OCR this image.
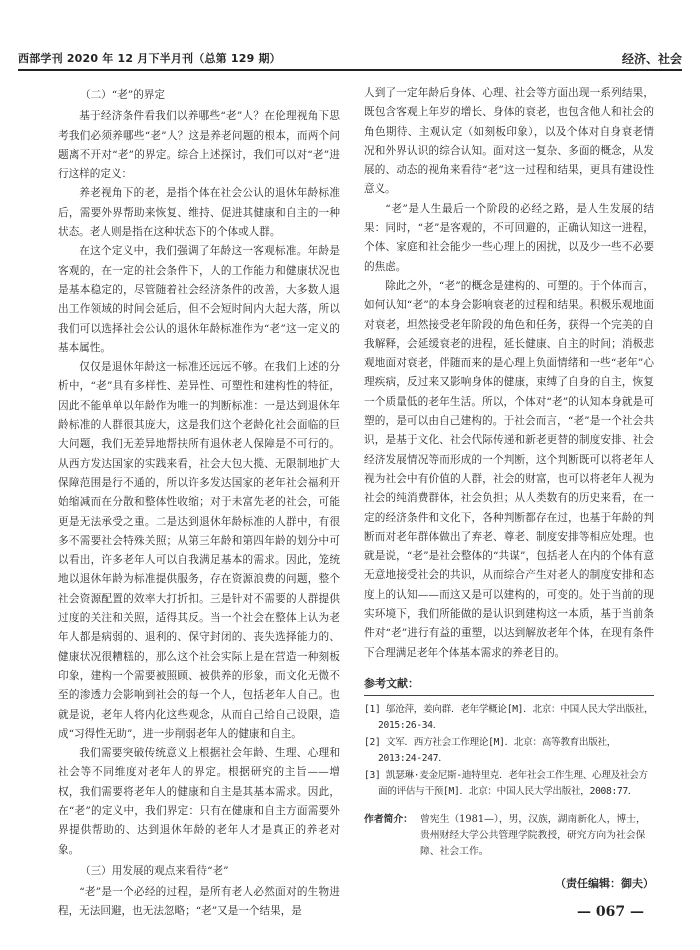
西部学刊 2020 年 12 月下半月刊（总第 129 期）	经济、社会
（二）“老”的界定

基于经济条件看我们以养哪些“老”人？在伦理视角下思考我们必须养哪些“老”人？这是养老问题的根本，而两个问题离不开对“老”的界定。综合上述探讨，我们可以对“老”进行这样的定义：

养老视角下的老，是指个体在社会公认的退休年龄标准后，需要外界帮助来恢复、维持、促进其健康和自主的一种状态。老人则是指在这种状态下的个体或人群。

在这个定义中，我们强调了年龄这一客观标准。年龄是客观的，在一定的社会条件下，人的工作能力和健康状况也是基本稳定的，尽管随着社会经济条件的改善，大多数人退出工作领域的时间会延后，但不会短时间内大起大落，所以我们可以选择社会公认的退休年龄标准作为“老”这一定义的基本属性。

仅仅是退休年龄这一标准还远远不够。在我们上述的分析中，“老”具有多样性、差异性、可塑性和建构性的特征，因此不能单单以年龄作为唯一的判断标准：一是达到退休年龄标准的人群很其庞大，这是我们这个老龄化社会面临的巨大问题，我们无差异地帮扶所有退休老人保障是不可行的。从西方发达国家的实践来看，社会大包大揽、无限制地扩大保障范围是行不通的，所以许多发达国家的老年社会福利开始缩减而在分散和整体性收缩；对于未富先老的社会，可能更是无法承受之重。二是达到退休年龄标准的人群中，有很多不需要社会特殊关照；从第三年龄和第四年龄的划分中可以看出，许多老年人可以自我满足基本的需求。因此，笼统地以退休年龄为标准提供服务，存在资源浪费的问题，整个社会资源配置的效率大打折扣。三是针对不需要的人群提供过度的关注和关照，适得其反。当一个社会在整体上认为老年人都是病弱的、退利的、保守封闭的、丧失选择能力的、健康状况很糟糕的，那么这个社会实际上是在营造一种刻板印象，建构一个需要被照顾、被供养的形象，而文化无微不至的渗透力会影响到社会的每一个人，包括老年人自己。也就是说，老年人将内化这些观念，从而自己给自己设限，造成“习得性无助”，进一步削弱老年人的健康和自主。

我们需要突破传统意义上根据社会年龄、生理、心理和社会等不同维度对老年人的界定。根据研究的主旨——增权，我们需要将老年人的健康和自主是其基本需求。因此，在“老”的定义中，我们界定：只有在健康和自主方面需要外界提供帮助的、达到退休年龄的老年人才是真正的养老对象。

（三）用发展的观点来看待“老”

“老”是一个必经的过程，是所有老人必然面对的生物进程，无法回避，也无法忽略；“老”又是一个结果，是

人到了一定年龄后身体、心理、社会等方面出现一系列结果，既包含客观上年岁的增长、身体的衰老，也包含他人和社会的角色期待、主观认定（如刻板印象），以及个体对自身衰老情况和外界认识的综合认知。面对这一复杂、多面的概念，从发展的、动态的视角来看待“老”这一过程和结果，更具有建设性意义。

“老”是人生最后一个阶段的必经之路，是人生发展的结果：同时，“老”是客观的，不可回避的，正确认知这一进程，个体、家庭和社会能少一些心理上的困扰，以及少一些不必要的焦虑。

除此之外，“老”的概念是建构的、可塑的。于个体而言，如何认知“老”的本身会影响衰老的过程和结果。积极乐观地面对衰老，坦然接受老年阶段的角色和任务，获得一个完美的自我解释，会延缓衰老的进程，延长健康、自主的时间；消极悲观地面对衰老，伴随而来的是心理上负面情绪和一些“老年”心理疾病，反过来又影响身体的健康，束缚了自身的自主，恢复一个质量低的老年生活。所以，个体对“老”的认知本身就是可塑的，是可以由自己建构的。于社会而言，“老”是一个社会共识，是基于文化、社会代际传递和新老更替的制度安排、社会经济发展情况等而形成的一个判断，这个判断既可以将老年人视为社会中有价值的人群，社会的财富，也可以将老年人视为社会的纯消费群体，社会负担；从人类数有的历史来看，在一定的经济条件和文化下，各种判断都存在过，也基于年龄的判断而对老年群体做出了弃老、尊老、制度安排等相应处理。也就是说，“老”是社会整体的“共谋”，包括老人在内的个体有意无意地接受社会的共识，从而综合产生对老人的制度安排和态度上的认知——而这又是可以建构的，可变的。处于当前的现实环境下，我们所能做的是认识到建构这一本质，基于当前条件对“老”进行有益的重塑，以达到解放老年个体，在现有条件下合理满足老年个体基本需求的养老目的。

参考文献：

[1] 邬沧萍，姜向群．老年学概论[M]．北京：中国人民大学出版社，2015:26-34．

[2] 文军．西方社会工作理论[M]．北京：高等教育出版社，2013:24-247．

[3] 凯瑟琳·麦金尼斯-迪特里克．老年社会工作生理、心理及社会方面的评估与干预[M]．北京：中国人民大学出版社，2008:77．

作者简介： 曾宪生（1981—），男，汉族，湖南新化人，博士，贵州财经大学公共管理学院教授，研究方向为社会保障、社会工作。
（责任编辑：御夫）
— 067 —
